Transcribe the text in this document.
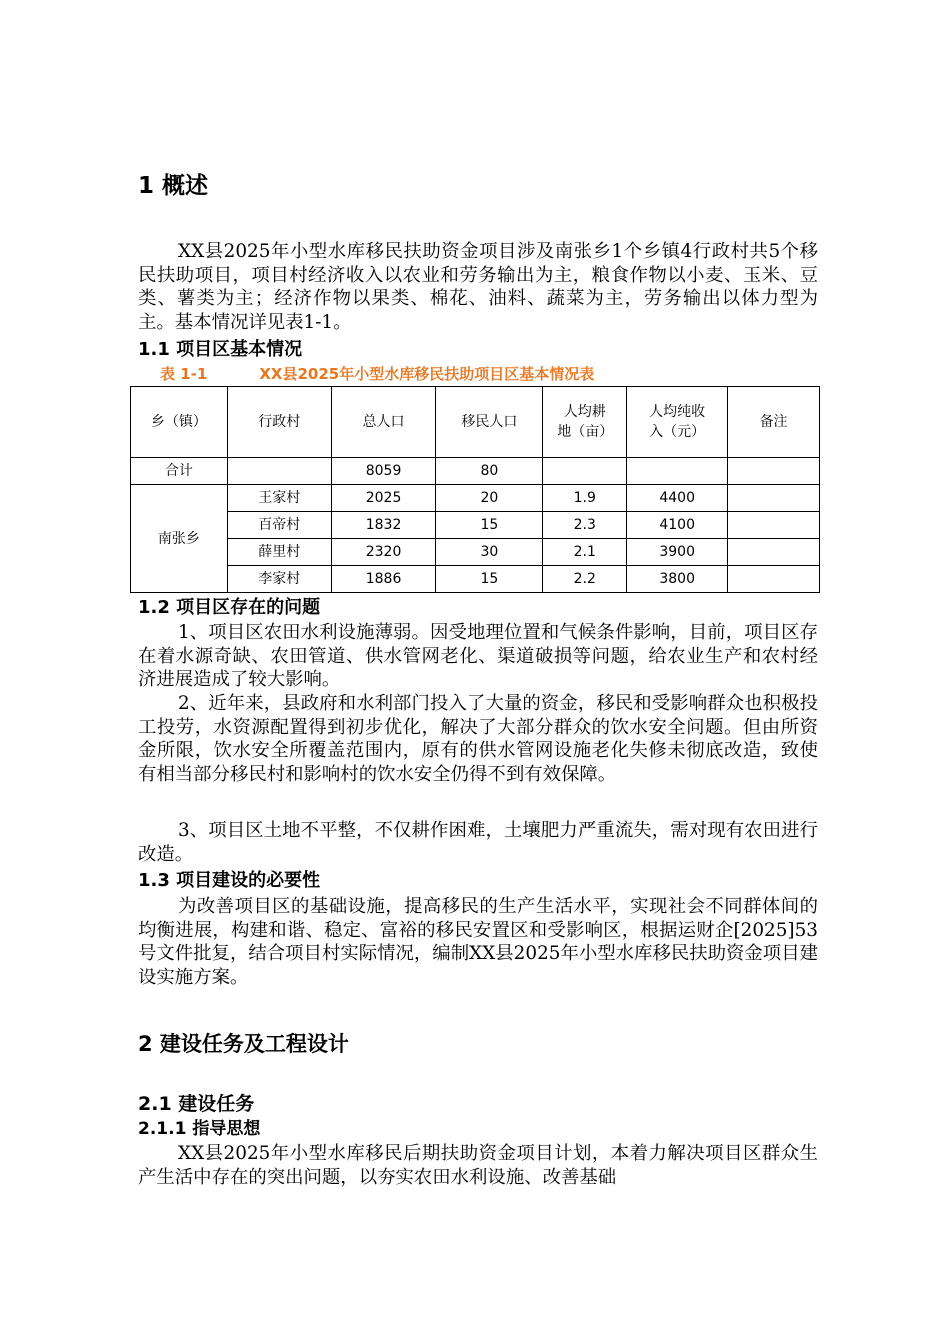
1 概述

XX县2025年小型水库移民扶助资金项目涉及南张乡1个乡镇4行政村共5个移民扶助项目，项目村经济收入以农业和劳务输出为主，粮食作物以小麦、玉米、豆类、薯类为主；经济作物以果类、棉花、油料、蔬菜为主，劳务输出以体力型为主。基本情况详见表1-1。

1.1 项目区基本情况
表 1-1	XX县2025年小型水库移民扶助项目区基本情况表
乡（镇）	行政村	总人口	移民人口	人均耕地（亩）	人均纯收入（元）	备注
合计		8059	80			
南张乡	王家村	2025	20	1.9	4400	
	百帝村	1832	15	2.3	4100	
	薛里村	2320	30	2.1	3900	
	李家村	1886	15	2.2	3800	
1.2 项目区存在的问题

1、项目区农田水利设施薄弱。因受地理位置和气候条件影响，目前，项目区存在着水源奇缺、农田管道、供水管网老化、渠道破损等问题，给农业生产和农村经济进展造成了较大影响。

2、近年来，县政府和水利部门投入了大量的资金，移民和受影响群众也积极投工投劳，水资源配置得到初步优化，解决了大部分群众的饮水安全问题。但由所资金所限，饮水安全所覆盖范围内，原有的供水管网设施老化失修未彻底改造，致使有相当部分移民村和影响村的饮水安全仍得不到有效保障。

3、项目区土地不平整，不仅耕作困难，土壤肥力严重流失，需对现有农田进行改造。

1.3 项目建设的必要性

为改善项目区的基础设施，提高移民的生产生活水平，实现社会不同群体间的均衡进展，构建和谐、稳定、富裕的移民安置区和受影响区，根据运财企[2025]53号文件批复，结合项目村实际情况，编制XX县2025年小型水库移民扶助资金项目建设实施方案。

2 建设任务及工程设计
2.1 建设任务
2.1.1 指导思想

XX县2025年小型水库移民后期扶助资金项目计划，本着力解决项目区群众生产生活中存在的突出问题，以夯实农田水利设施、改善基础
